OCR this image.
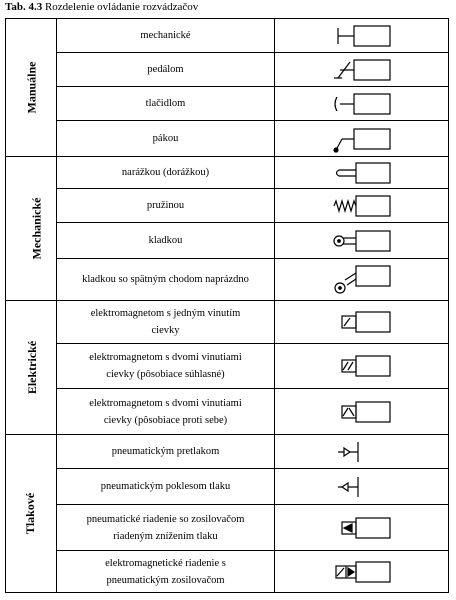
Tab. 4.3 Rozdelenie ovládanie rozvádzačov
Manuálne	mechanické	

	pedálom	

	tlačidlom	

	pákou	

Mechanické	narážkou (dorážkou)	

	pružinou	

	kladkou	

	kladkou so spätným chodom naprázdno	

Elektrické	elektromagnetom s jedným vinutím
cievky

	elektromagnetom s dvomi vinutiami
cievky (pôsobiace súhlasné)

	elektromagnetom s dvomi vinutiami
cievky (pôsobiace proti sebe)

Tlakové	pneumatickým pretlakom	

	pneumatickým poklesom tlaku	

	pneumatické riadenie so zosilovačom
riadeným znížením tlaku

	elektromagnetické riadenie s
pneumatickým zosilovačom
